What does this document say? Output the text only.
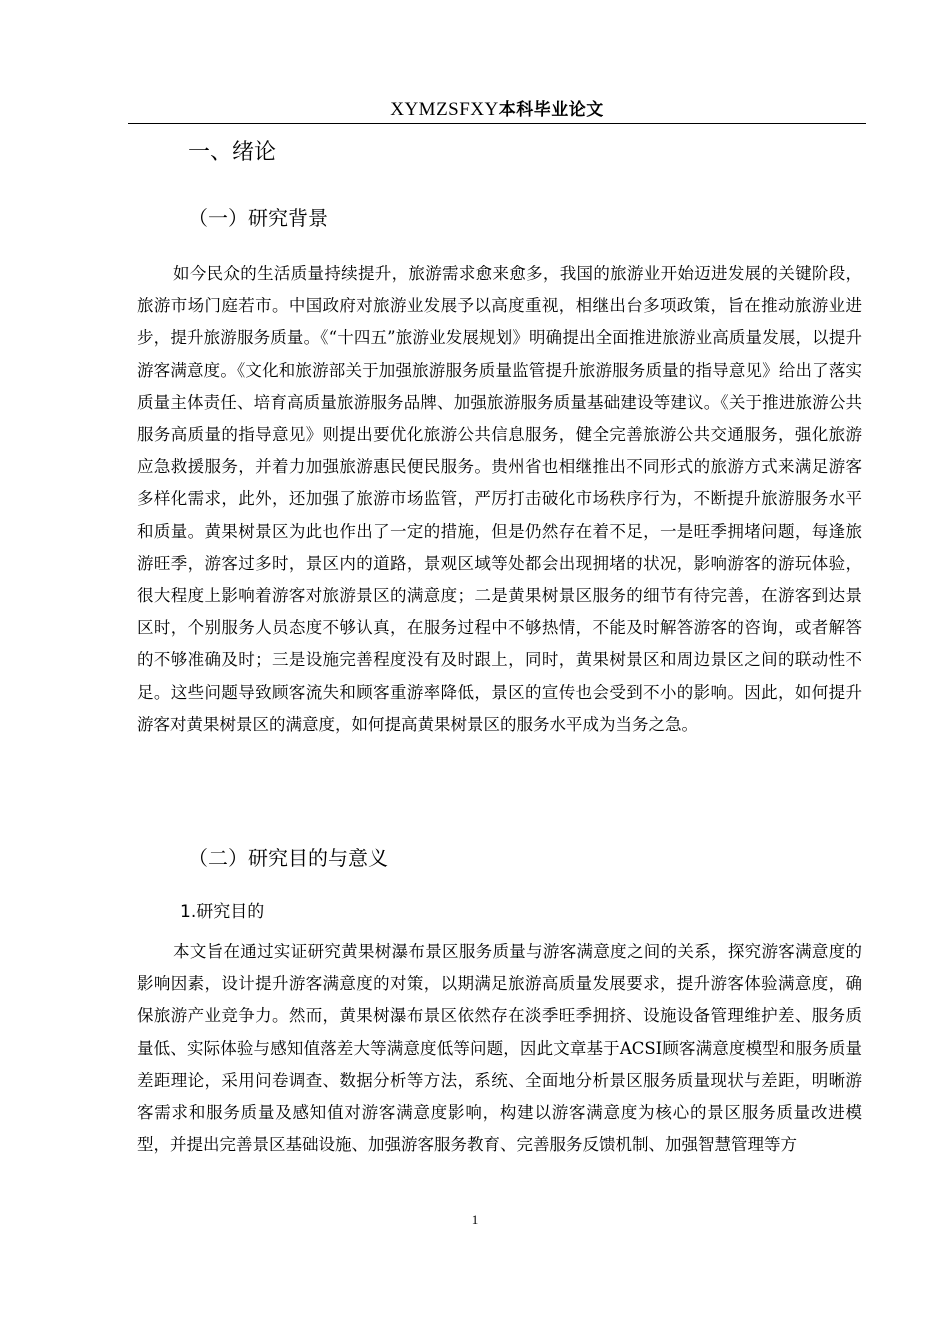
XYMZSFXY本科毕业论文
一、绪论
（一）研究背景

如今民众的生活质量持续提升，旅游需求愈来愈多，我国的旅游业开始迈进发展的关键阶段，旅游市场门庭若市。中国政府对旅游业发展予以高度重视，相继出台多项政策，旨在推动旅游业进步，提升旅游服务质量。《“十四五”旅游业发展规划》明确提出全面推进旅游业高质量发展，以提升游客满意度。《文化和旅游部关于加强旅游服务质量监管提升旅游服务质量的指导意见》给出了落实质量主体责任、培育高质量旅游服务品牌、加强旅游服务质量基础建设等建议。《关于推进旅游公共服务高质量的指导意见》则提出要优化旅游公共信息服务，健全完善旅游公共交通服务，强化旅游应急救援服务，并着力加强旅游惠民便民服务。贵州省也相继推出不同形式的旅游方式来满足游客多样化需求，此外，还加强了旅游市场监管，严厉打击破化市场秩序行为，不断提升旅游服务水平和质量。黄果树景区为此也作出了一定的措施，但是仍然存在着不足，一是旺季拥堵问题，每逢旅游旺季，游客过多时，景区内的道路，景观区域等处都会出现拥堵的状况，影响游客的游玩体验，很大程度上影响着游客对旅游景区的满意度；二是黄果树景区服务的细节有待完善，在游客到达景区时，个别服务人员态度不够认真，在服务过程中不够热情，不能及时解答游客的咨询，或者解答的不够准确及时；三是设施完善程度没有及时跟上，同时，黄果树景区和周边景区之间的联动性不足。这些问题导致顾客流失和顾客重游率降低，景区的宣传也会受到不小的影响。因此，如何提升游客对黄果树景区的满意度，如何提高黄果树景区的服务水平成为当务之急。

（二）研究目的与意义
1.研究目的

本文旨在通过实证研究黄果树瀑布景区服务质量与游客满意度之间的关系，探究游客满意度的影响因素，设计提升游客满意度的对策，以期满足旅游高质量发展要求，提升游客体验满意度，确保旅游产业竞争力。然而，黄果树瀑布景区依然存在淡季旺季拥挤、设施设备管理维护差、服务质量低、实际体验与感知值落差大等满意度低等问题，因此文章基于ACSI顾客满意度模型和服务质量差距理论，采用问卷调查、数据分析等方法，系统、全面地分析景区服务质量现状与差距，明晰游客需求和服务质量及感知值对游客满意度影响，构建以游客满意度为核心的景区服务质量改进模型，并提出完善景区基础设施、加强游客服务教育、完善服务反馈机制、加强智慧管理等方

1
